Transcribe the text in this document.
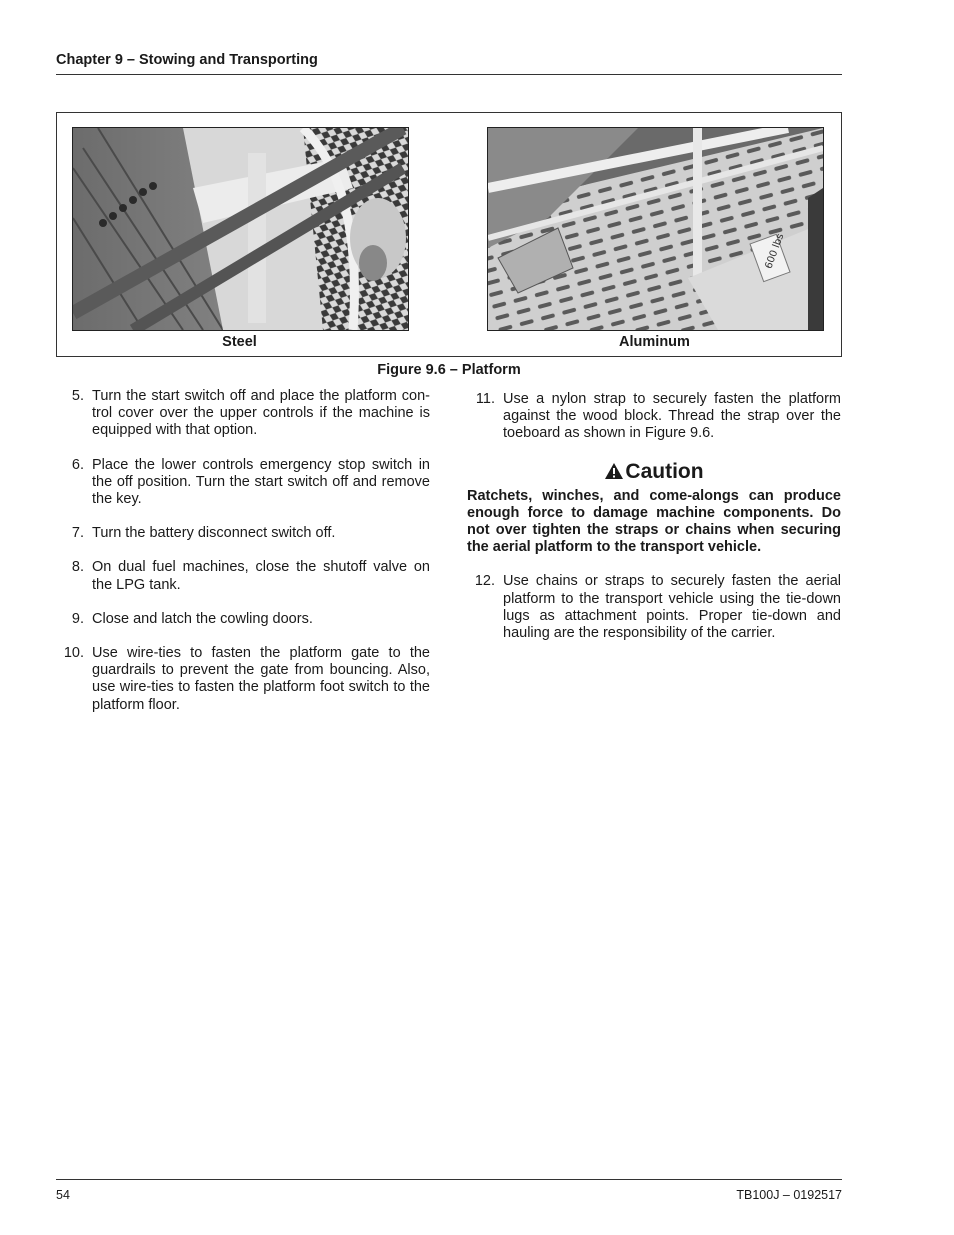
Chapter 9 – Stowing and Transporting
Steel
600 lbs
Aluminum
Figure 9.6 – Platform
5. Turn the start switch off and place the platform con-trol cover over the upper controls if the machine is equipped with that option.
6. Place the lower controls emergency stop switch in the off position. Turn the start switch off and remove the key.
7. Turn the battery disconnect switch off.
8. On dual fuel machines, close the shutoff valve on the LPG tank.
9. Close and latch the cowling doors.
10. Use wire-ties to fasten the platform gate to the guardrails to prevent the gate from bouncing. Also, use wire-ties to fasten the platform foot switch to the platform floor.
11. Use a nylon strap to securely fasten the platform against the wood block. Thread the strap over the toeboard as shown in Figure 9.6.
Caution
Ratchets, winches, and come-alongs can produce enough force to damage machine components. Do not over tighten the straps or chains when securing the aerial platform to the transport vehicle.
12. Use chains or straps to securely fasten the aerial platform to the transport vehicle using the tie-down lugs as attachment points. Proper tie-down and hauling are the responsibility of the carrier.
54	TB100J – 0192517
